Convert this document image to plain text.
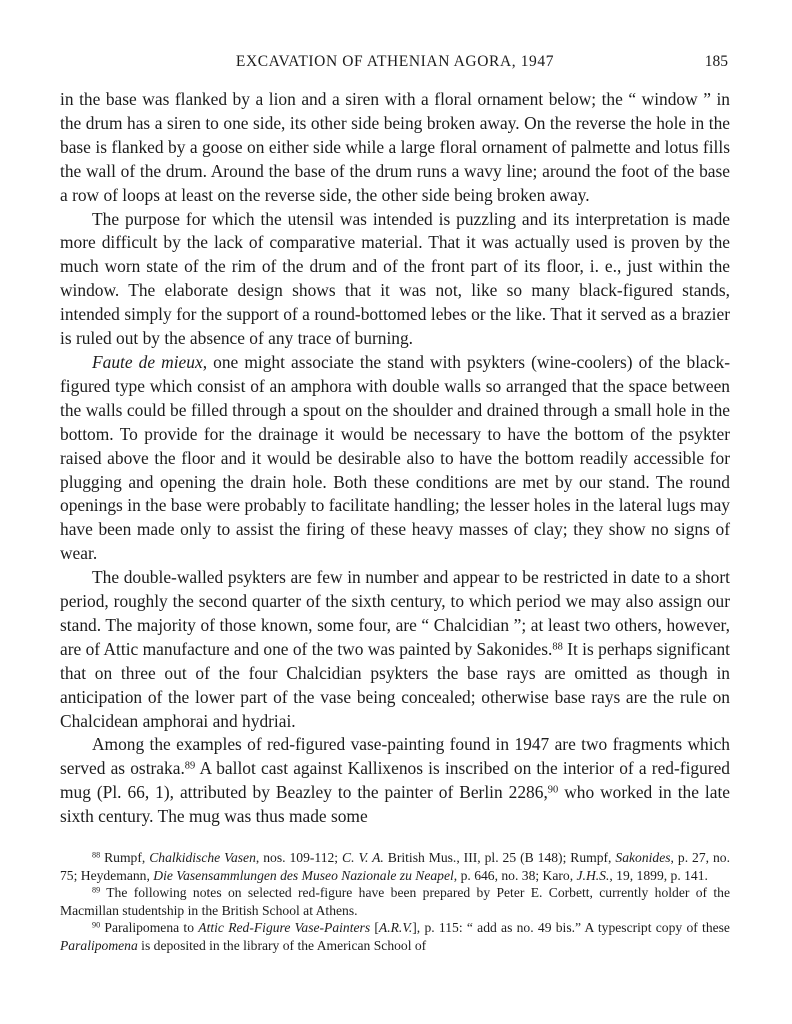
EXCAVATION OF ATHENIAN AGORA, 1947	185

in the base was flanked by a lion and a siren with a floral ornament below; the “ window ” in the drum has a siren to one side, its other side being broken away. On the reverse the hole in the base is flanked by a goose on either side while a large floral ornament of palmette and lotus fills the wall of the drum. Around the base of the drum runs a wavy line; around the foot of the base a row of loops at least on the reverse side, the other side being broken away.

The purpose for which the utensil was intended is puzzling and its interpretation is made more difficult by the lack of comparative material. That it was actually used is proven by the much worn state of the rim of the drum and of the front part of its floor, i. e., just within the window. The elaborate design shows that it was not, like so many black-figured stands, intended simply for the support of a round-bottomed lebes or the like. That it served as a brazier is ruled out by the absence of any trace of burning.

Faute de mieux, one might associate the stand with psykters (wine-coolers) of the black-figured type which consist of an amphora with double walls so arranged that the space between the walls could be filled through a spout on the shoulder and drained through a small hole in the bottom. To provide for the drainage it would be necessary to have the bottom of the psykter raised above the floor and it would be desirable also to have the bottom readily accessible for plugging and opening the drain hole. Both these conditions are met by our stand. The round openings in the base were probably to facilitate handling; the lesser holes in the lateral lugs may have been made only to assist the firing of these heavy masses of clay; they show no signs of wear.

The double-walled psykters are few in number and appear to be restricted in date to a short period, roughly the second quarter of the sixth century, to which period we may also assign our stand. The majority of those known, some four, are “ Chalcidian ”; at least two others, however, are of Attic manufacture and one of the two was painted by Sakonides.$^{88}$ It is perhaps significant that on three out of the four Chalcidian psykters the base rays are omitted as though in anticipation of the lower part of the vase being concealed; otherwise base rays are the rule on Chalcidean amphorai and hydriai.

Among the examples of red-figured vase-painting found in 1947 are two fragments which served as ostraka.$^{89}$ A ballot cast against Kallixenos is inscribed on the interior of a red-figured mug (Pl. 66, 1), attributed by Beazley to the painter of Berlin 2286,90 who worked in the late sixth century. The mug was thus made some

$^{88}$ Rumpf, Chalkidische Vasen, nos. 109-112; C. V. A. British Mus., III, pl. 25 (B 148); Rumpf, Sakonides, p. 27, no. 75; Heydemann, Die Vasensammlungen des Museo Nazionale zu Neapel, p. 646, no. 38; Karo, J.H.S., 19, 1899, p. 141.

$^{89}$ The following notes on selected red-figure have been prepared by Peter E. Corbett, currently holder of the Macmillan studentship in the British School at Athens.

$^{90}$ Paralipomena to Attic Red-Figure Vase-Painters [A.R.V.], p. 115: “ add as no. 49 bis.” A typescript copy of these Paralipomena is deposited in the library of the American School of
